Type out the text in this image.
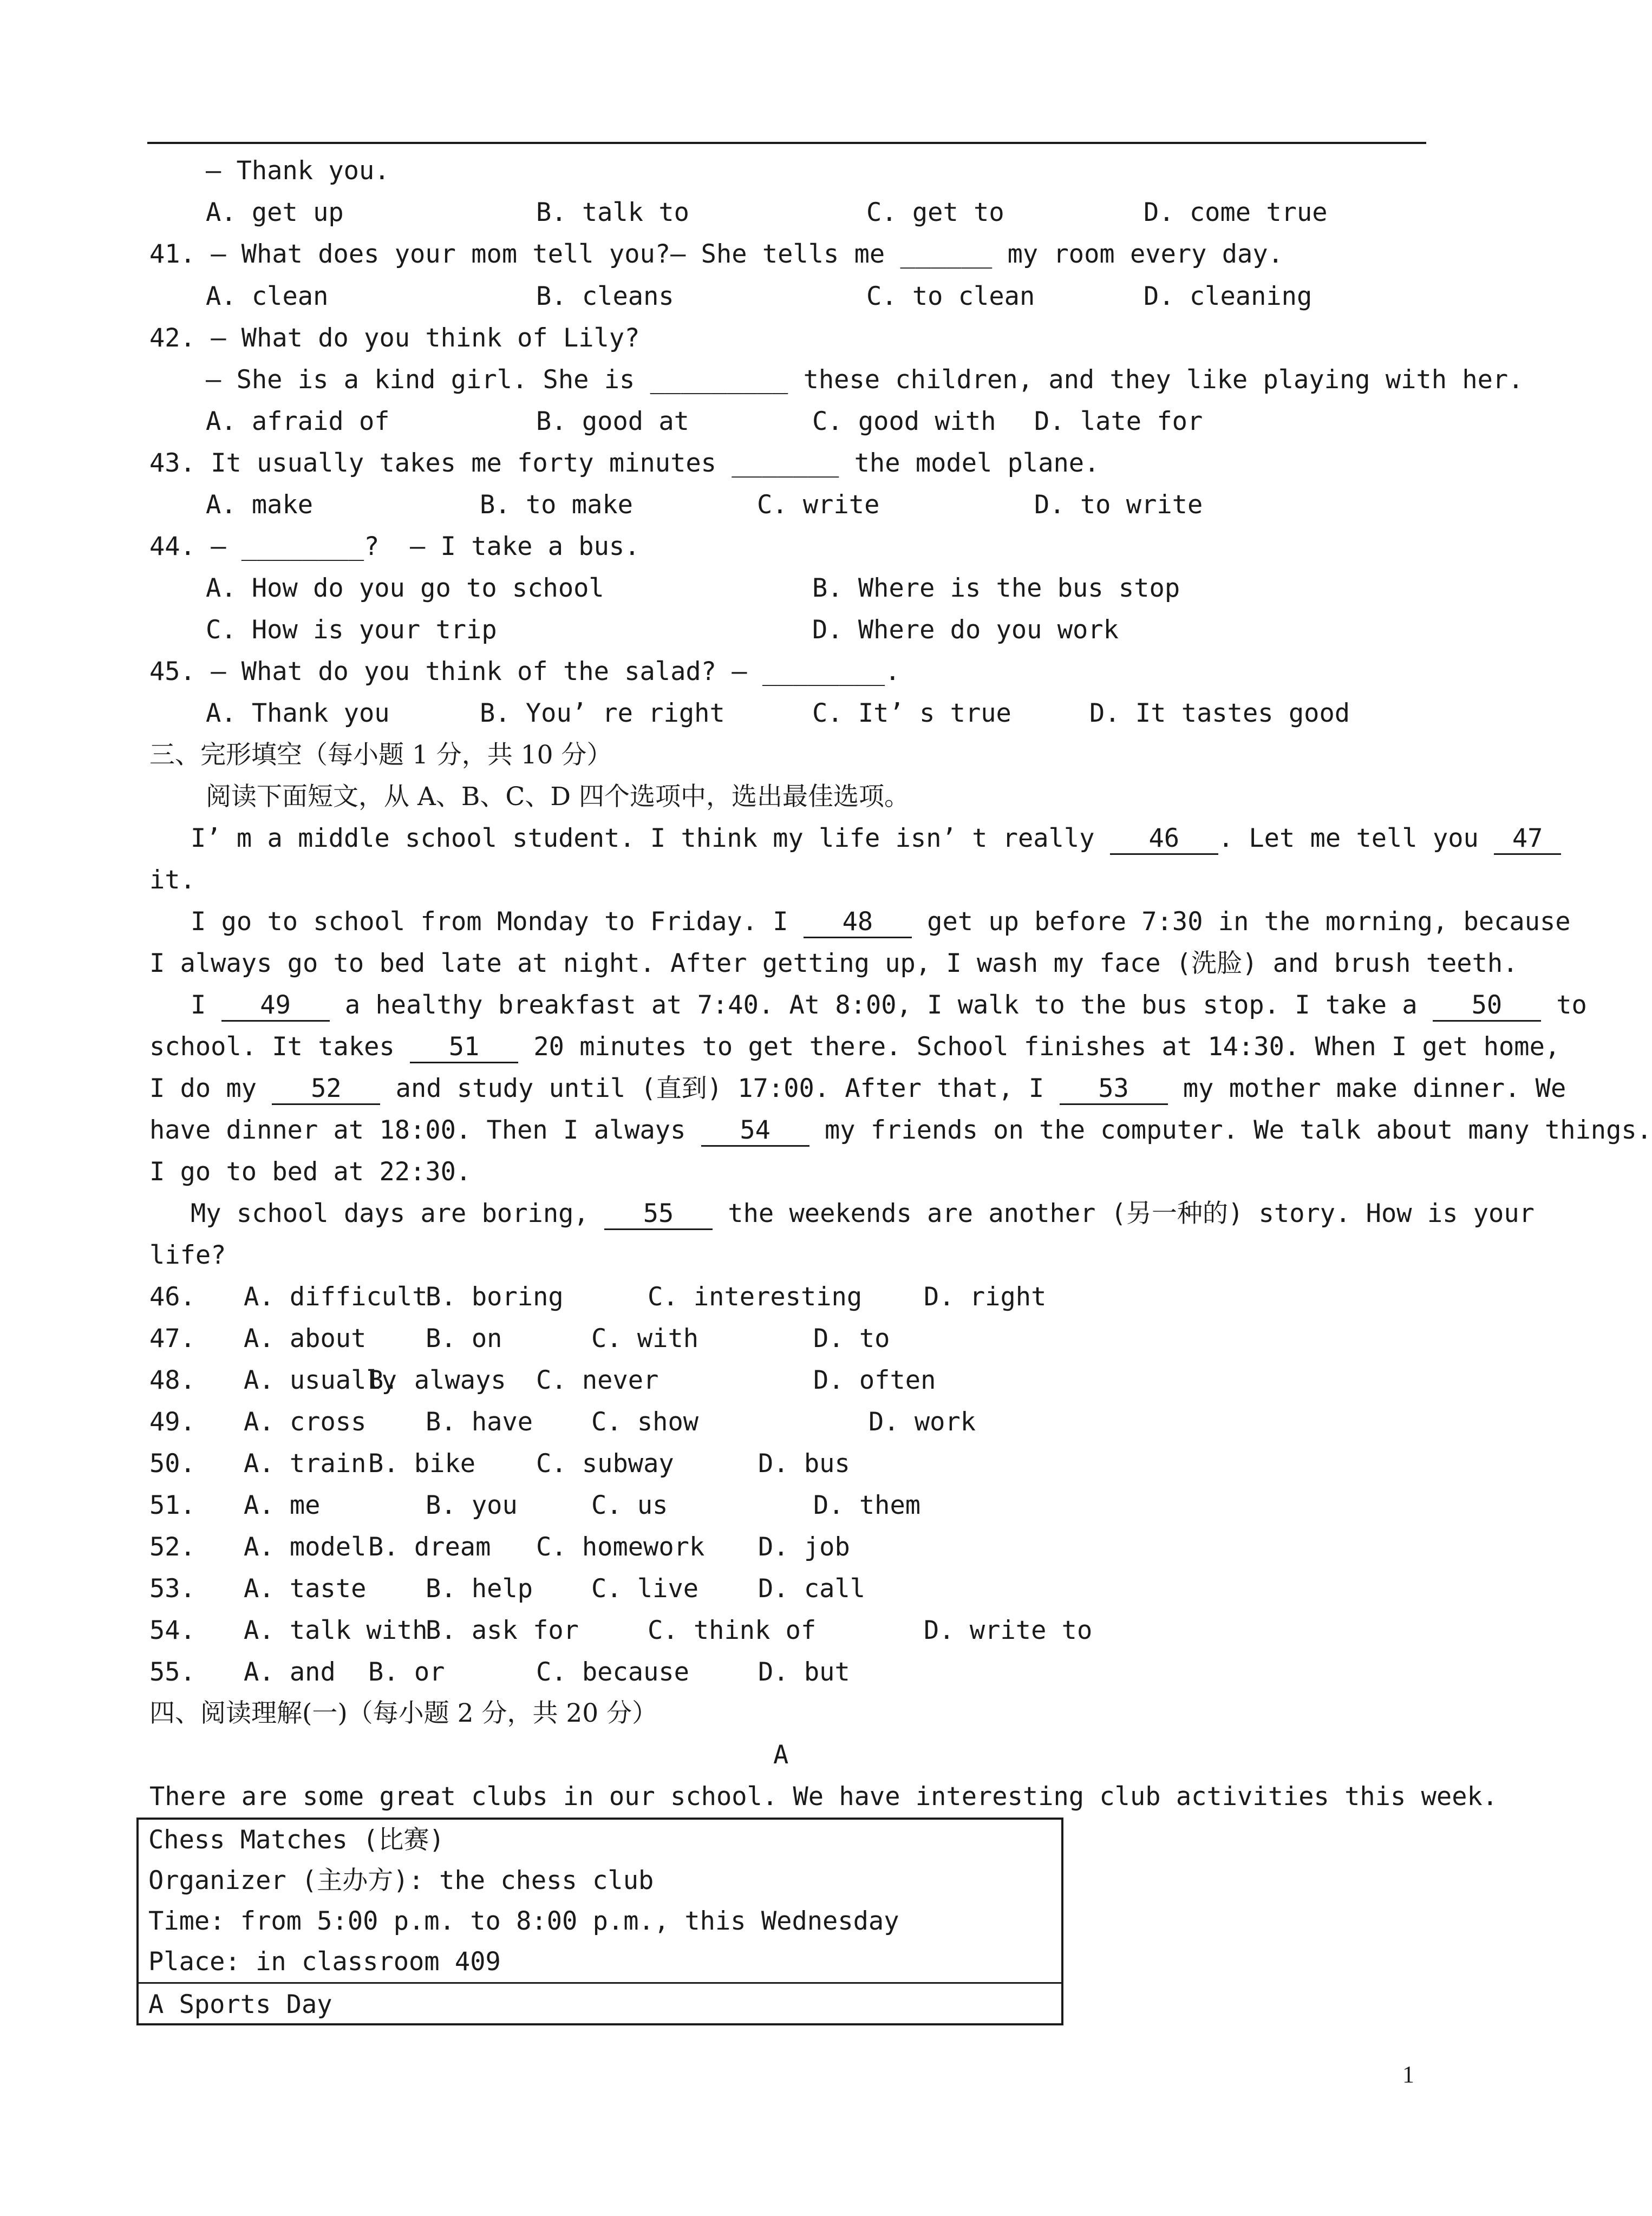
— Thank you.
A. get up	B. talk to	C. get to	D. come true
41. — What does your mom tell you?— She tells me ______ my room every day.
A. clean	B. cleans	C. to clean	D. cleaning
42. — What do you think of Lily?
— She is a kind girl. She is _________ these children, and they like playing with her.
A. afraid of	B. good at	C. good with D. late for
43. It usually takes me forty minutes _______ the model plane.
A. make	B. to make	C. write	D. to write
44. — ________?  — I take a bus.
A. How do you go to school	B. Where is the bus stop
C. How is your trip	D. Where do you work
45. — What do you think of the salad? — ________.
A. Thank you	B. You’ re right	C. It’ s true	D. It tastes good
三、完形填空（每小题 1 分，共 10 分）
阅读下面短文，从 A、B、C、D 四个选项中，选出最佳选项。
I’ m a middle school student. I think my life isn’ t really 46 . Let me tell you 47
it.
I go to school from Monday to Friday. I 48 get up before 7:30 in the morning, because
I always go to bed late at night. After getting up, I wash my face (洗脸) and brush teeth.
I 49 a healthy breakfast at 7:40. At 8:00, I walk to the bus stop. I take a 50 to
school. It takes 51 20 minutes to get there. School finishes at 14:30. When I get home,
I do my 52 and study until (直到) 17:00. After that, I 53 my mother make dinner. We
have dinner at 18:00. Then I always 54 my friends on the computer. We talk about many things.
I go to bed at 22:30.
My school days are boring, 55 the weekends are another (另一种的) story. How is your
life?
46. A. difficult
B. boring	C. interesting D. right
47. A. about B. on	C. with	D. to
48. A. usually
B. always C. never	D. often
49. A. cross B. have C. show	D. work
50. A. train B. bike C. subway	D. bus
51. A. me	B. you	C. us	D. them
52. A. model B. dream C. homework D. job
53. A. taste B. help C. live D. call
54. A. talk with
B. ask for	C. think of	D. write to
55. A. and B. or	C. because	D. but
四、阅读理解(一)（每小题 2 分，共 20 分）
A
There are some great clubs in our school. We have interesting club activities this week.
Chess Matches (比赛)
Organizer (主办方): the chess club
Time: from 5:00 p.m. to 8:00 p.m., this Wednesday
Place: in classroom 409
A Sports Day
1
